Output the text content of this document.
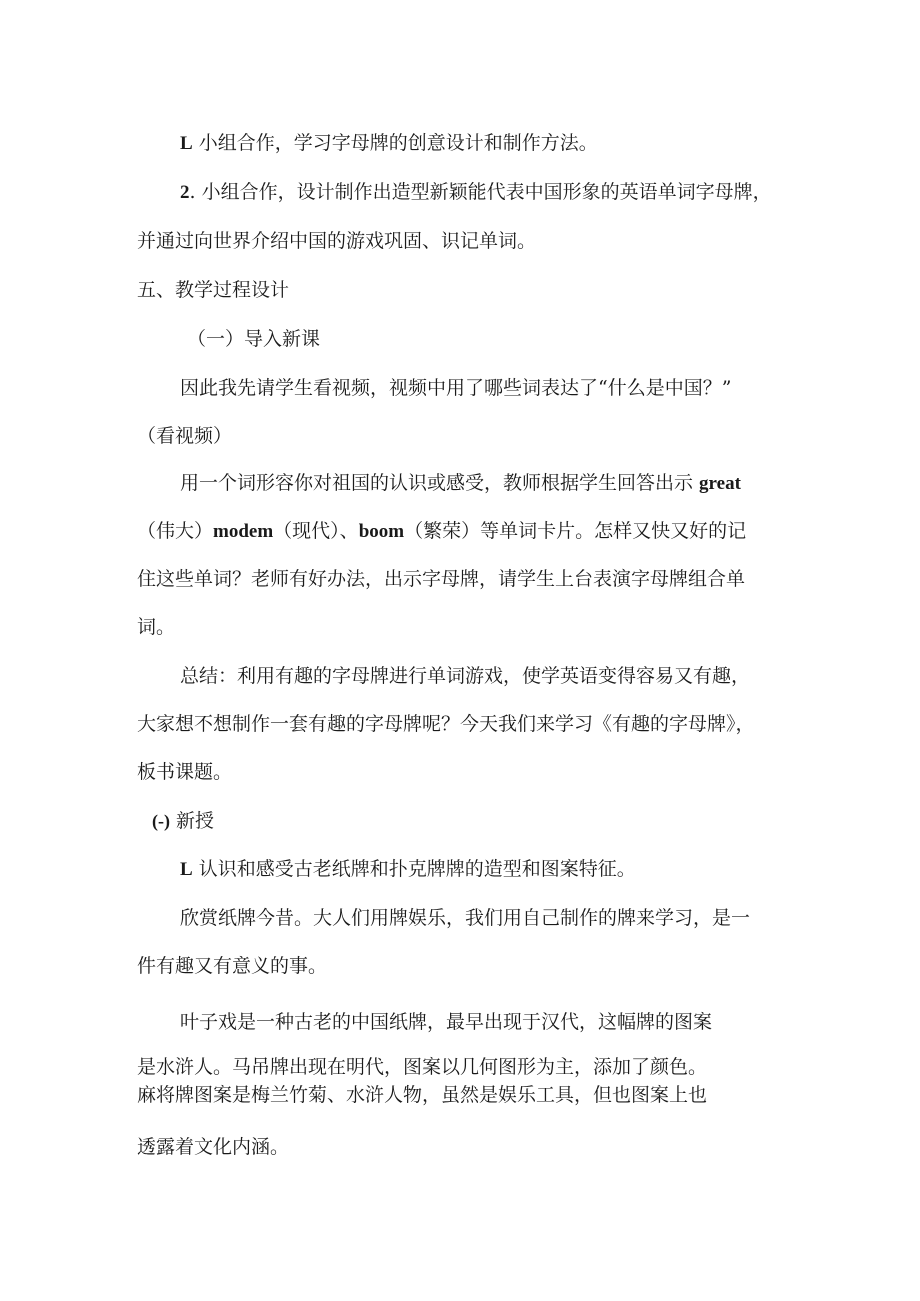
L 小组合作，学习字母牌的创意设计和制作方法。
2. 小组合作，设计制作出造型新颖能代表中国形象的英语单词字母牌，
并通过向世界介绍中国的游戏巩固、识记单词。
五、教学过程设计
（一）导入新课
因此我先请学生看视频，视频中用了哪些词表达了“什么是中国？”
（看视频）
用一个词形容你对祖国的认识或感受，教师根据学生回答出示 great
（伟大）modem（现代）、boom（繁荣）等单词卡片。怎样又快又好的记
住这些单词？老师有好办法，出示字母牌，请学生上台表演字母牌组合单
词。
总结：利用有趣的字母牌进行单词游戏，使学英语变得容易又有趣，
大家想不想制作一套有趣的字母牌呢？今天我们来学习《有趣的字母牌》，
板书课题。
(-) 新授
L 认识和感受古老纸牌和扑克牌牌的造型和图案特征。
欣赏纸牌今昔。大人们用牌娱乐，我们用自己制作的牌来学习，是一
件有趣又有意义的事。
叶子戏是一种古老的中国纸牌，最早出现于汉代，这幅牌的图案
是水浒人。马吊牌出现在明代，图案以几何图形为主，添加了颜色。
麻将牌图案是梅兰竹菊、水浒人物，虽然是娱乐工具，但也图案上也
透露着文化内涵。
